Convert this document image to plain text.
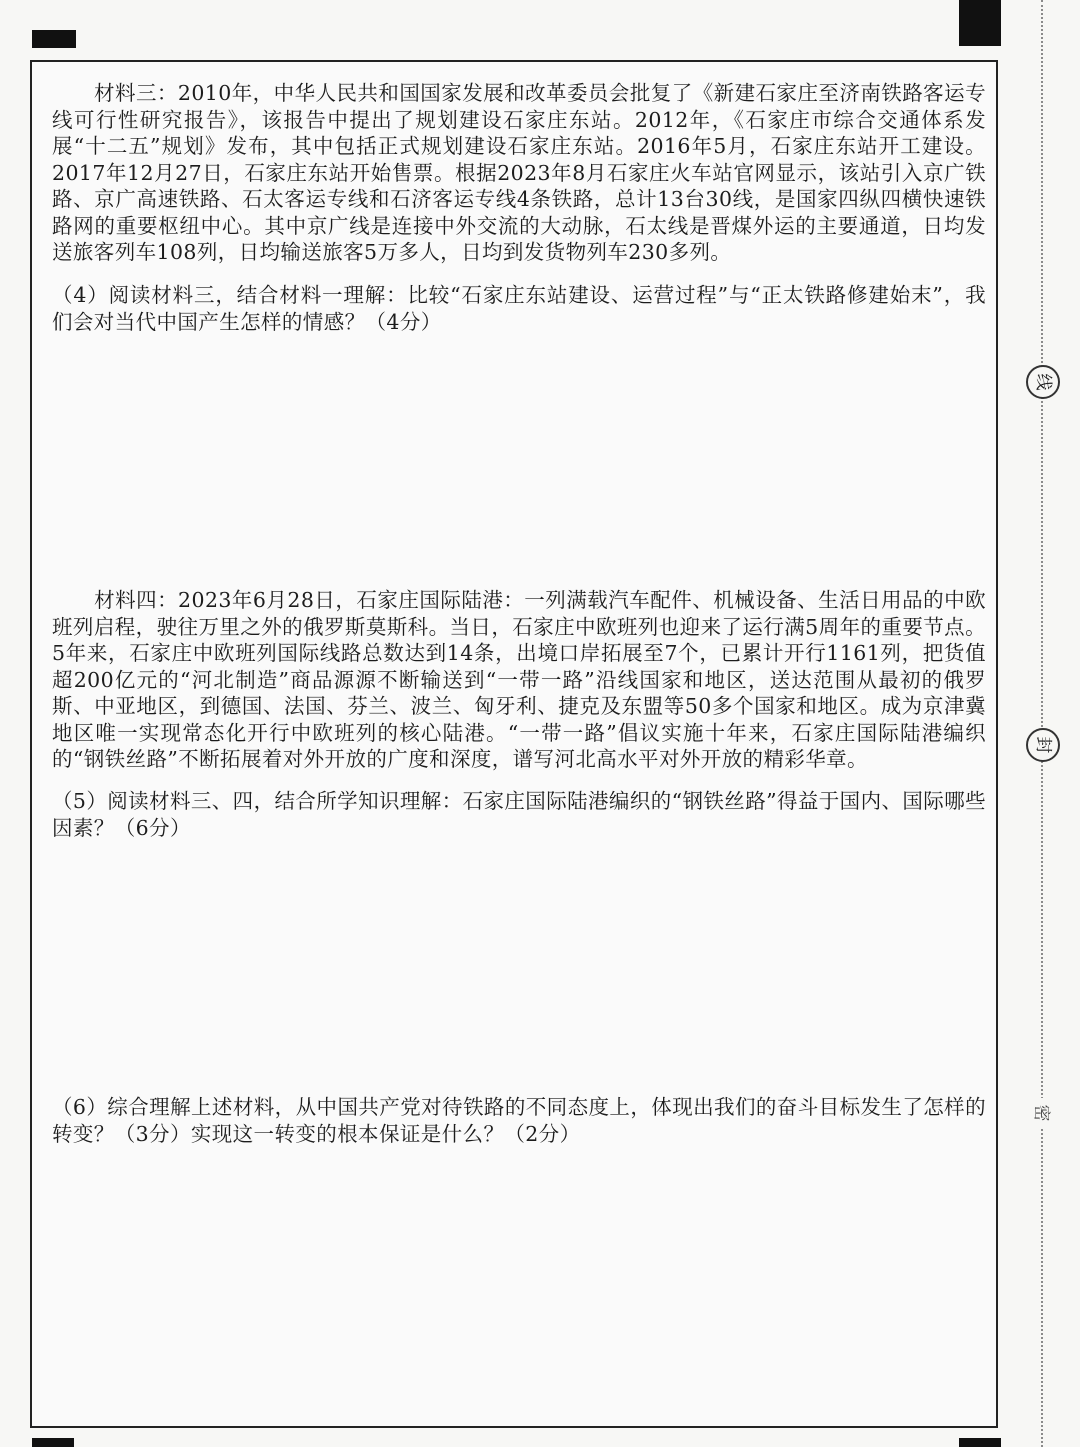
材料三：2010年，中华人民共和国国家发展和改革委员会批复了《新建石家庄至济南铁路客运专线可行性研究报告》，该报告中提出了规划建设石家庄东站。2012年，《石家庄市综合交通体系发展“十二五”规划》发布，其中包括正式规划建设石家庄东站。2016年5月，石家庄东站开工建设。2017年12月27日，石家庄东站开始售票。根据2023年8月石家庄火车站官网显示，该站引入京广铁路、京广高速铁路、石太客运专线和石济客运专线4条铁路，总计13台30线，是国家四纵四横快速铁路网的重要枢纽中心。其中京广线是连接中外交流的大动脉，石太线是晋煤外运的主要通道，日均发送旅客列车108列，日均输送旅客5万多人，日均到发货物列车230多列。

（4）阅读材料三，结合材料一理解：比较“石家庄东站建设、运营过程”与“正太铁路修建始末”，我们会对当代中国产生怎样的情感？（4分）

材料四：2023年6月28日，石家庄国际陆港：一列满载汽车配件、机械设备、生活日用品的中欧班列启程，驶往万里之外的俄罗斯莫斯科。当日，石家庄中欧班列也迎来了运行满5周年的重要节点。5年来，石家庄中欧班列国际线路总数达到14条，出境口岸拓展至7个，已累计开行1161列，把货值超200亿元的“河北制造”商品源源不断输送到“一带一路”沿线国家和地区，送达范围从最初的俄罗斯、中亚地区，到德国、法国、芬兰、波兰、匈牙利、捷克及东盟等50多个国家和地区。成为京津冀地区唯一实现常态化开行中欧班列的核心陆港。“一带一路”倡议实施十年来，石家庄国际陆港编织的“钢铁丝路”不断拓展着对外开放的广度和深度，谱写河北高水平对外开放的精彩华章。

（5）阅读材料三、四，结合所学知识理解：石家庄国际陆港编织的“钢铁丝路”得益于国内、国际哪些因素？（6分）

（6）综合理解上述材料，从中国共产党对待铁路的不同态度上，体现出我们的奋斗目标发生了怎样的转变？（3分）实现这一转变的根本保证是什么？（2分）

线
封
密
